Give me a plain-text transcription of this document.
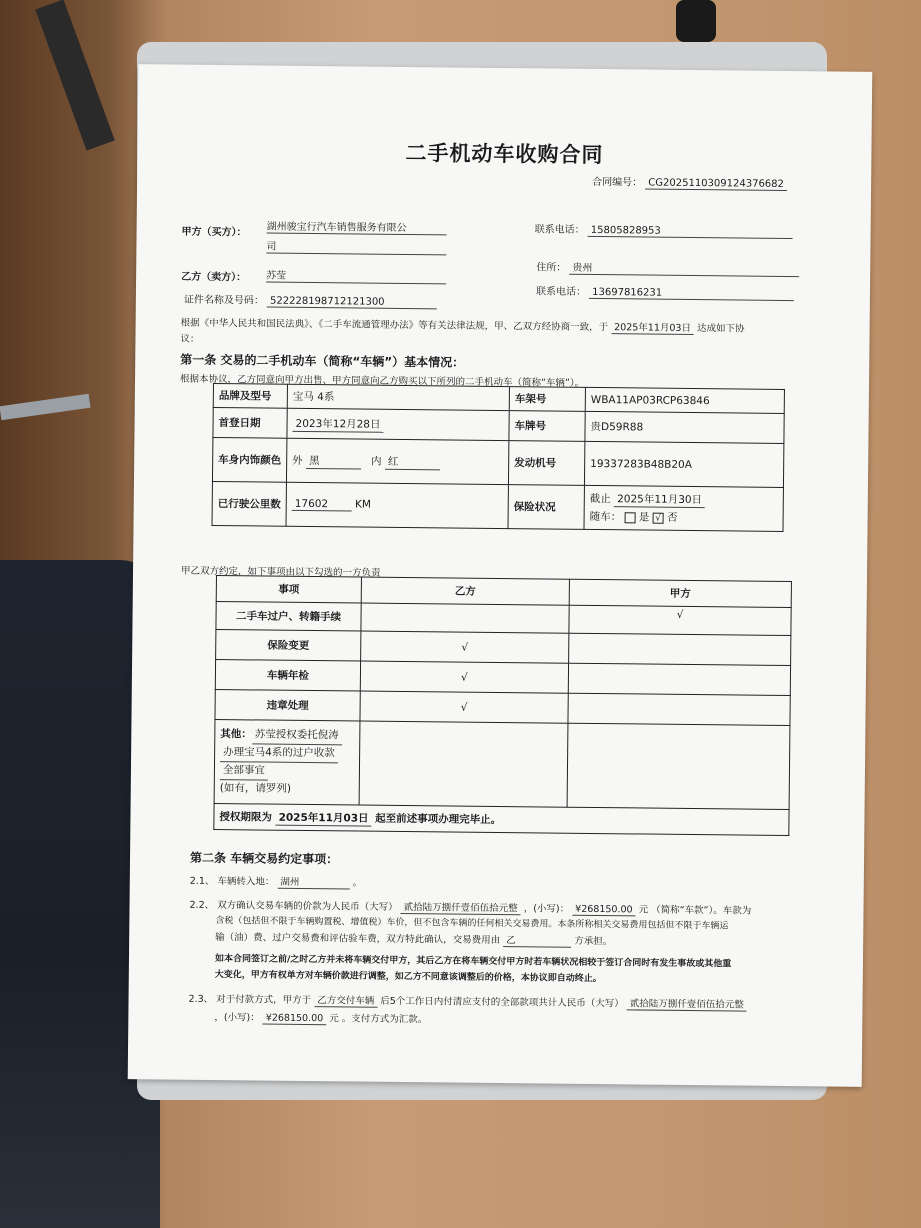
二手机动车收购合同
合同编号： CG2025110309124376682
甲方（买方）： 湖州骏宝行汽车销售服务有限公
司
联系电话： 15805828953
乙方（卖方）： 苏莹
住所： 贵州
证件名称及号码： 522228198712121300
联系电话： 13697816231
根据《中华人民共和国民法典》、《二手车流通管理办法》等有关法律法规，甲、乙双方经协商一致，于 2025年11月03日 达成如下协
议：
第一条 交易的二手机动车（简称“车辆”）基本情况：
根据本协议，乙方同意向甲方出售、甲方同意向乙方购买以下所列的二手机动车（简称“车辆”）。
品牌及型号	宝马 4系	车架号	WBA11AP03RCP63846
首登日期	2023年12月28日	车牌号	贵D59R88
车身内饰颜色	外 黑 内 红	发动机号	19337283B48B20A
已行驶公里数	17602 KM	保险状况	截止 2025年11月30日
随车： 是 √ 否
甲乙双方约定，如下事项由以下勾选的一方负责
事项	乙方	甲方
二手车过户、转籍手续		√
保险变更	√	
车辆年检	√	
违章处理	√	

其他： 苏莹授权委托倪涛
办理宝马4系的过户收款
全部事宜
(如有，请罗列)		

授权期限为 2025年11月03日 起至前述事项办理完毕止。		
第二条 车辆交易约定事项：
2.1、 车辆转入地： 湖州	。
2.2、 双方确认交易车辆的价款为人民币（大写） 贰拾陆万捌仟壹佰伍拾元整 ，(小写)： ¥268150.00 元 （简称“车款”）。车款为
含税（包括但不限于车辆购置税、增值税）车价，但不包含车辆的任何相关交易费用。本条所称相关交易费用包括但不限于车辆运
输（油）费、过户交易费和评估验车费，双方特此确认，交易费用由 乙	方承担。
如本合同签订之前/之时乙方并未将车辆交付甲方，其后乙方在将车辆交付甲方时若车辆状况相较于签订合同时有发生事故或其他重
大变化，甲方有权单方对车辆价款进行调整，如乙方不同意该调整后的价格，本协议即自动终止。
2.3、 对于付款方式，甲方于 乙方交付车辆 后5个工作日内付清应支付的全部款项共计人民币（大写） 贰拾陆万捌仟壹佰伍拾元整
，(小写)： ¥268150.00 元 。支付方式为汇款。
